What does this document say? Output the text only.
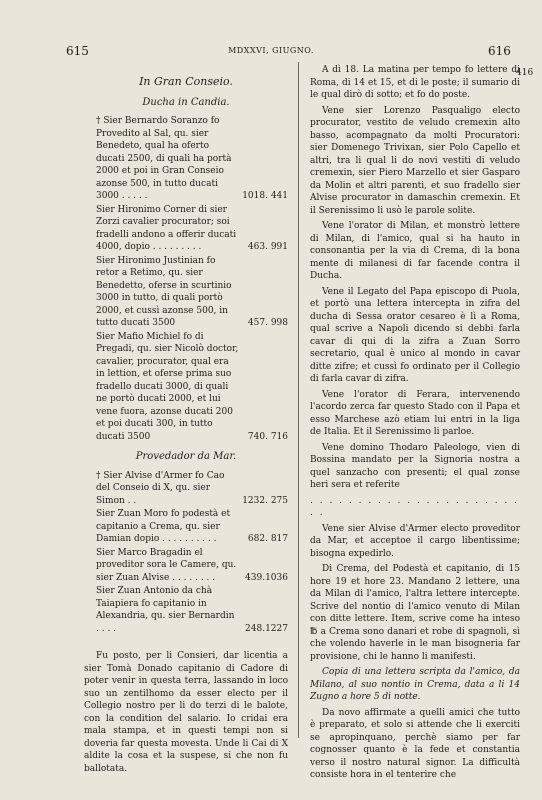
615	MDXXVI, GIUGNO.	616
416
In Gran Conseio.
Ducha in Candia.
† Sier Bernardo Soranzo fo Provedito al Sal, qu. sier Benedeto, qual ha oferto ducati 2500, di quali ha portà 2000 et poi in Gran Conseio azonse 500, in tutto ducati 3000 . . . . .	1018. 441
Sier Hironimo Corner di sier Zorzi cavalier procurator; soi fradelli andono a offerir ducati 4000, dopio . . . . . . . . .	463. 991
Sier Hironimo Justinian fo retor a Retimo, qu. sier Benedetto, oferse in scurtinio 3000 in tutto, di quali portò 2000, et cussì azonse 500, in tutto ducati 3500	457. 998
Sier Mafio Michiel fo di Pregadi, qu. sier Nicolò doctor, cavalier, procurator, qual era in lettion, et oferse prima suo fradello ducati 3000, di quali ne portò ducati 2000, et lui vene fuora, azonse ducati 200 et poi ducati 300, in tutto ducati 3500	740. 716
Provedador da Mar.
† Sier Alvise d'Armer fo Cao del Conseio di X, qu. sier Simon . .	1232. 275
Sier Zuan Moro fo podestà et capitanio a Crema, qu. sier Damian dopio . . . . . . . . . .	682. 817
Sier Marco Bragadin el proveditor sora le Camere, qu. sier Zuan Alvise . . . . . . . .	439.1036
Sier Zuan Antonio da chà Taiapiera fo capitanio in Alexandria, qu. sier Bernardin . . . .	248.1227

Fu posto, per li Consieri, dar licentia a sier Tomà Donado capitanio di Cadore di poter venir in questa terra, lassando in loco suo un zentilhomo da esser electo per il Collegio nostro per li do terzi di le balote, con la condition del salario. Io cridai era mala stampa, et in questi tempi non si doveria far questa movesta. Unde li Cai di X aldite la cosa et la suspese, si che non fu ballotata.

A dì 18. La matina per tempo fo lettere di Roma, di 14 et 15, et di le poste; il sumario di le qual dirò di sotto; et fo do poste.

Vene sier Lorenzo Pasqualigo electo procurator, vestito de veludo cremexin alto basso, acompagnato da molti Procuratori: sier Domenego Trivixan, sier Polo Capello et altri, tra li qual li do novi vestiti di veludo cremexin, sier Piero Marzello et sier Gasparo da Molin et altri parenti, et suo fradello sier Alvise procurator in damaschin cremexin. Et il Serenissimo li usò le parole solite.

Vene l'orator di Milan, et monstrò lettere di Milan, di l'amico, qual si ha hauto in consonantia per la via di Crema, di la bona mente di milanesi di far facende contra il Ducha.

Vene il Legato del Papa episcopo di Puola, et portò una lettera intercepta in zifra del ducha di Sessa orator cesareo è lì a Roma, qual scrive a Napoli dicendo si debbi farla cavar di qui di la zifra a Zuan Sorro secretario, qual è unico al mondo in cavar ditte zifre; et cussì fo ordinato per il Collegio di farla cavar di zifra.

Vene l'orator di Ferara, intervenendo l'acordo zerca far questo Stado con il Papa et esso Marchese azò etiam lui entri in la liga de Italia. Et il Serenissimo li parloe.

Vene domino Thodaro Paleologo, vien di Bossina mandato per la Signoria nostra a quel sanzacho con presenti; el qual zonse heri sera et referite

. . . . . . . . . . . . . . . . . . . . . . . .

Vene sier Alvise d'Armer electo proveditor da Mar, et acceptoe il cargo libentissime; bisogna expedirlo.

Di Crema, del Podestà et capitanio, di 15 hore 19 et hore 23. Mandano 2 lettere, una da Milan di l'amico, l'altra lettere intercepte. Scrive del nontio di l'amico venuto di Milan con ditte lettere. Item, scrive come ha inteso ℔ a Crema sono danari et robe di spagnoli, sì che volendo haverle in le man bisogneria far provisione, chi le hanno li manifesti.

Copia di una lettera scripta da l'amico, da Milano, al suo nontio in Crema, data a li 14 Zugno a hore 5 di notte.

Da novo affirmate a quelli amici che tutto è preparato, et solo si attende che li exerciti se apropinquano, perchè siamo per far cognosser quanto è la fede et constantia verso il nostro natural signor. La difficultà consiste hora in el tenterire che
